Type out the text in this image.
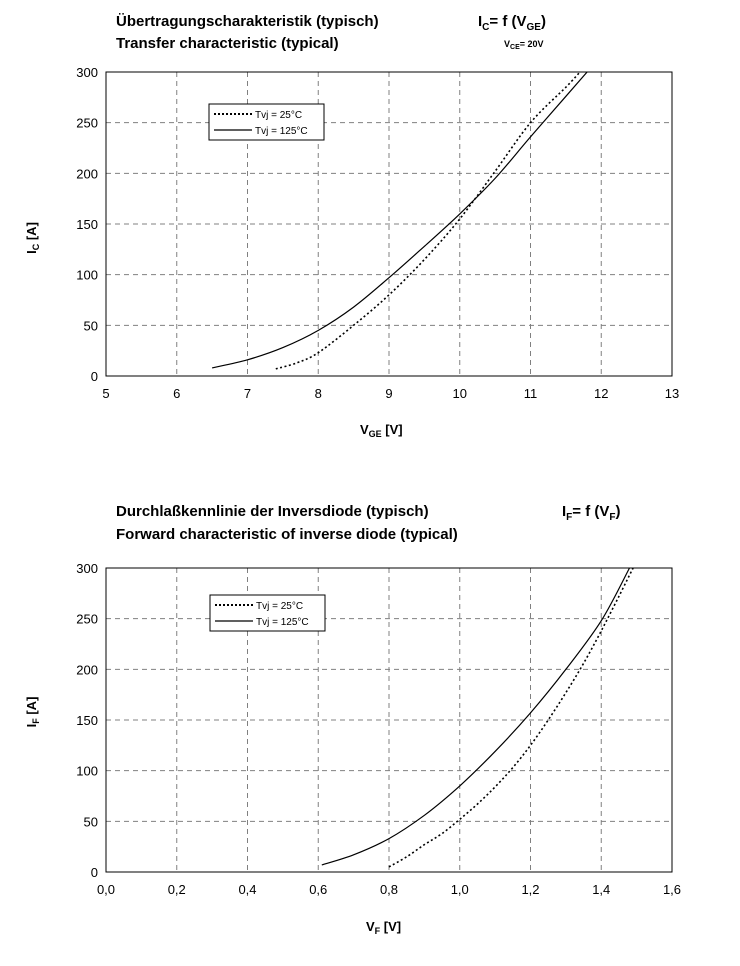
Übertragungscharakteristik (typisch)
Transfer characteristic (typical)
$I_C= f$ $(V_{GE})$
$V_{CE}= 20V$
0
50
100
150
200
250
300
5	6	7	8	9	10	11	12	13
Tvj = 25°C
Tvj = 125°C
$V_{GE}$ [V]
$I_C$ [A]
Durchlaßkennlinie der Inversdiode (typisch)
Forward characteristic of inverse diode (typical)
$I_F= f$ $(V_F)$
0
50
100
150
200
250
300
0,0	0,2	0,4	0,6	0,8	1,0	1,2	1,4	1,6
Tvj = 25°C
Tvj = 125°C
$V_F$ [V]
$I_F$ [A]
